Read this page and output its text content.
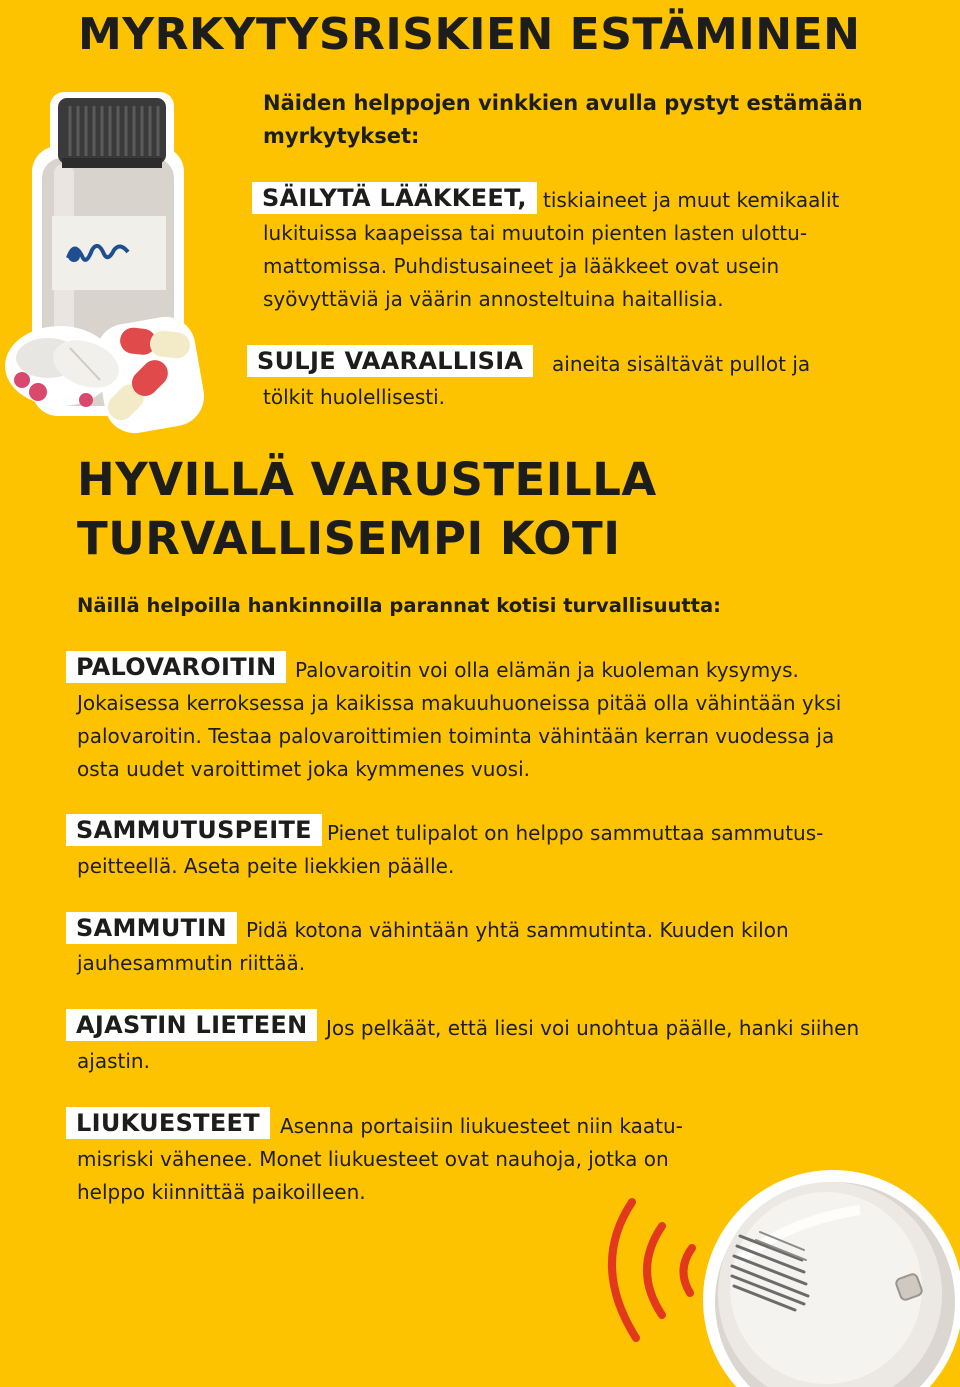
MYRKYTYSRISKIEN ESTÄMINEN
Näiden helppojen vinkkien avulla pystyt estämään myrkytykset:
SÄILYTÄ LÄÄKKEET, tiskiaineet ja muut kemikaalit lukituissa kaapeissa tai muutoin pienten lasten ulottu-mattomissa. Puhdistusaineet ja lääkkeet ovat usein syövyttäviä ja väärin annosteltuina haitallisia.
SULJE VAARALLISIA	aineita sisältävät pullot ja tölkit huolellisesti.
HYVILLÄ VARUSTEILLA
TURVALLISEMPI KOTI
Näillä helpoilla hankinnoilla parannat kotisi turvallisuutta:
PALOVAROITIN Palovaroitin voi olla elämän ja kuoleman kysymys. Jokaisessa kerroksessa ja kaikissa makuuhuoneissa pitää olla vähintään yksi palovaroitin. Testaa palovaroittimien toiminta vähintään kerran vuodessa ja osta uudet varoittimet joka kymmenes vuosi.
SAMMUTUSPEITE Pienet tulipalot on helppo sammuttaa sammutus-peitteellä. Aseta peite liekkien päälle.
SAMMUTIN Pidä kotona vähintään yhtä sammutinta. Kuuden kilon jauhesammutin riittää.
AJASTIN LIETEEN Jos pelkäät, että liesi voi unohtua päälle, hanki siihen ajastin.
LIUKUESTEET	Asenna portaisiin liukuesteet niin kaatu-misriski vähenee. Monet liukuesteet ovat nauhoja, jotka on helppo kiinnittää paikoilleen.
